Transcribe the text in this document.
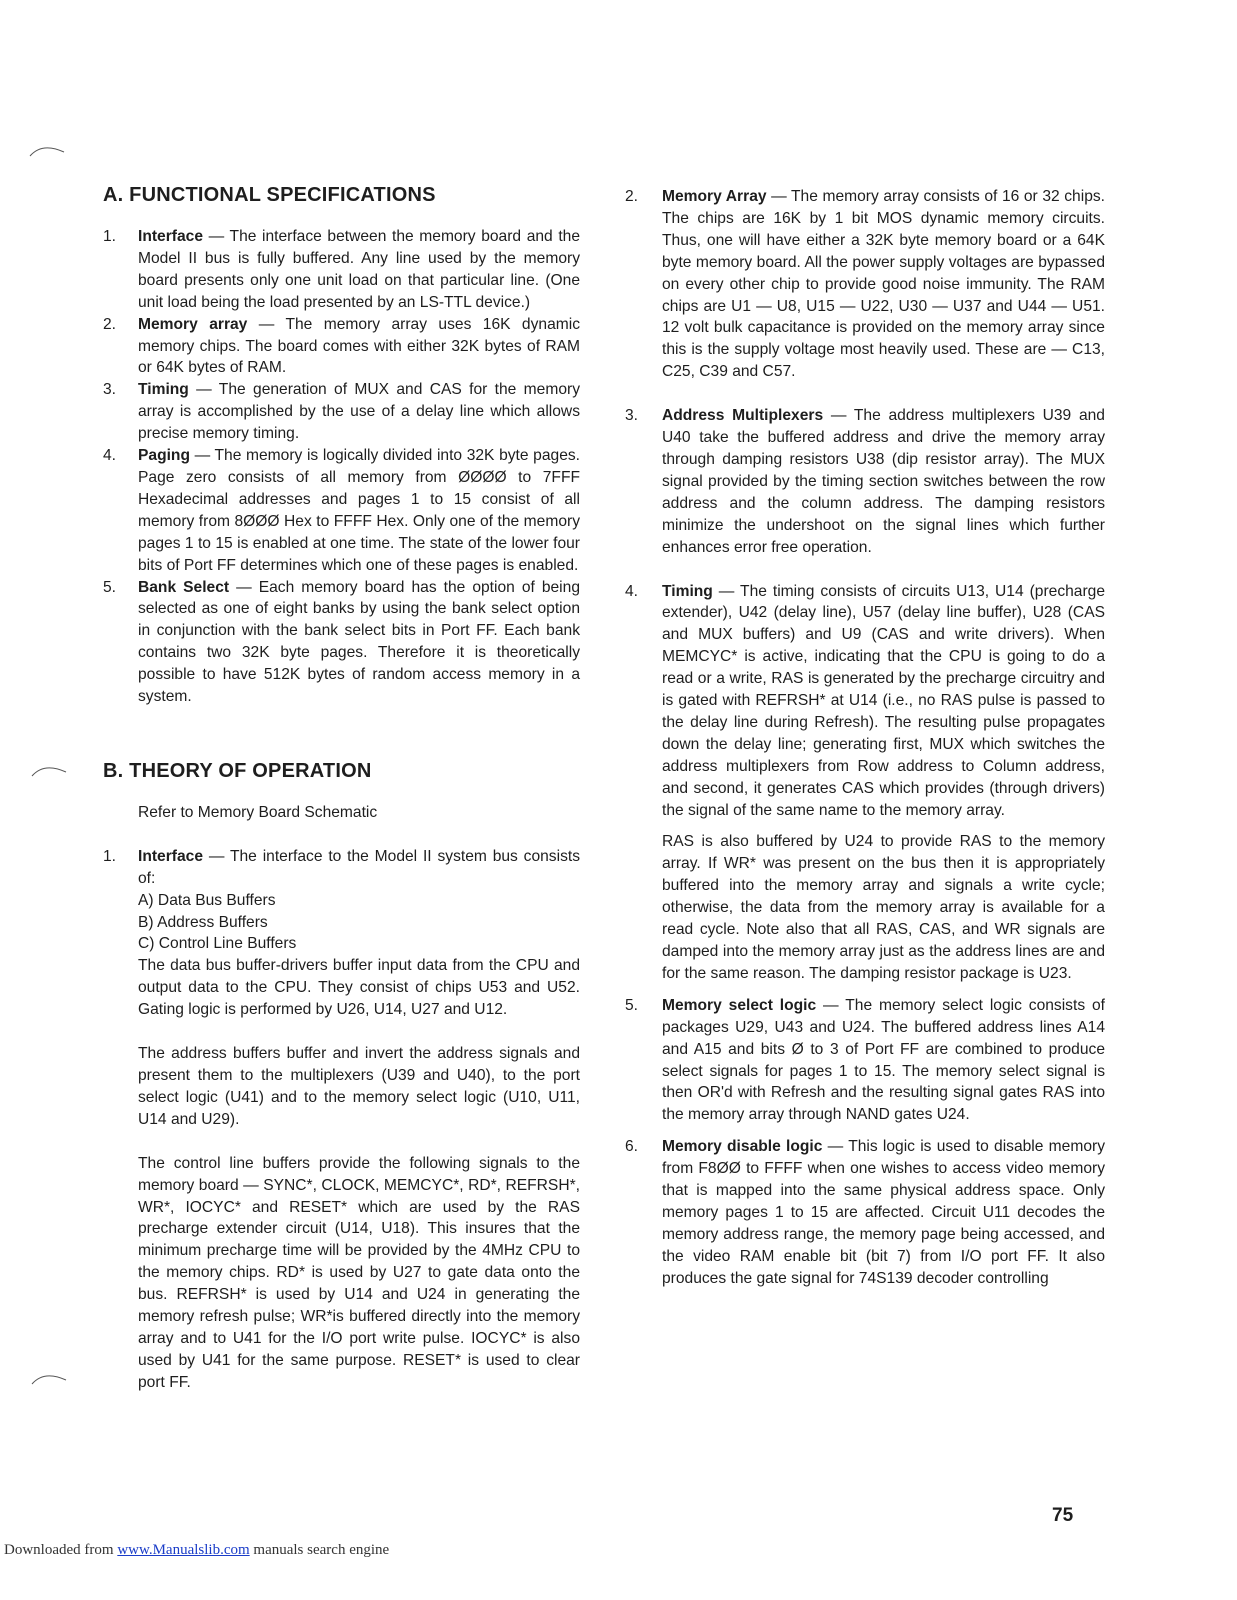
A. FUNCTIONAL SPECIFICATIONS

1. Interface — The interface between the memory board and the Model II bus is fully buffered. Any line used by the memory board presents only one unit load on that particular line. (One unit load being the load presented by an LS-TTL device.)

2. Memory array — The memory array uses 16K dynamic memory chips. The board comes with either 32K bytes of RAM or 64K bytes of RAM.

3. Timing — The generation of MUX and CAS for the memory array is accomplished by the use of a delay line which allows precise memory timing.

4. Paging — The memory is logically divided into 32K byte pages. Page zero consists of all memory from ØØØØ to 7FFF Hexadecimal addresses and pages 1 to 15 consist of all memory from 8ØØØ Hex to FFFF Hex. Only one of the memory pages 1 to 15 is enabled at one time. The state of the lower four bits of Port FF determines which one of these pages is enabled.

5. Bank Select — Each memory board has the option of being selected as one of eight banks by using the bank select option in conjunction with the bank select bits in Port FF. Each bank contains two 32K byte pages. Therefore it is theoretically possible to have 512K bytes of random access memory in a system.

B. THEORY OF OPERATION

Refer to Memory Board Schematic

1. Interface — The interface to the Model II system bus consists of:

A) Data Bus Buffers

B) Address Buffers

C) Control Line Buffers

The data bus buffer-drivers buffer input data from the CPU and output data to the CPU. They consist of chips U53 and U52. Gating logic is performed by U26, U14, U27 and U12.

The address buffers buffer and invert the address signals and present them to the multiplexers (U39 and U40), to the port select logic (U41) and to the memory select logic (U10, U11, U14 and U29).

The control line buffers provide the following signals to the memory board — SYNC*, CLOCK, MEMCYC*, RD*, REFRSH*, WR*, IOCYC* and RESET* which are used by the RAS precharge extender circuit (U14, U18). This insures that the minimum precharge time will be provided by the 4MHz CPU to the memory chips. RD* is used by U27 to gate data onto the bus. REFRSH* is used by U14 and U24 in generating the memory refresh pulse; WR*is buffered directly into the memory array and to U41 for the I/O port write pulse. IOCYC* is also used by U41 for the same purpose. RESET* is used to clear port FF.

2. Memory Array — The memory array consists of 16 or 32 chips. The chips are 16K by 1 bit MOS dynamic memory circuits. Thus, one will have either a 32K byte memory board or a 64K byte memory board. All the power supply voltages are bypassed on every other chip to provide good noise immunity. The RAM chips are U1 — U8, U15 — U22, U30 — U37 and U44 — U51. 12 volt bulk capacitance is provided on the memory array since this is the supply voltage most heavily used. These are — C13, C25, C39 and C57.

3. Address Multiplexers — The address multiplexers U39 and U40 take the buffered address and drive the memory array through damping resistors U38 (dip resistor array). The MUX signal provided by the timing section switches between the row address and the column address. The damping resistors minimize the undershoot on the signal lines which further enhances error free operation.

4. Timing — The timing consists of circuits U13, U14 (precharge extender), U42 (delay line), U57 (delay line buffer), U28 (CAS and MUX buffers) and U9 (CAS and write drivers). When MEMCYC* is active, indicating that the CPU is going to do a read or a write, RAS is generated by the precharge circuitry and is gated with REFRSH* at U14 (i.e., no RAS pulse is passed to the delay line during Refresh). The resulting pulse propagates down the delay line; generating first, MUX which switches the address multiplexers from Row address to Column address, and second, it generates CAS which provides (through drivers) the signal of the same name to the memory array.

RAS is also buffered by U24 to provide RAS to the memory array. If WR* was present on the bus then it is appropriately buffered into the memory array and signals a write cycle; otherwise, the data from the memory array is available for a read cycle. Note also that all RAS, CAS, and WR signals are damped into the memory array just as the address lines are and for the same reason. The damping resistor package is U23.

5. Memory select logic — The memory select logic consists of packages U29, U43 and U24. The buffered address lines A14 and A15 and bits Ø to 3 of Port FF are combined to produce select signals for pages 1 to 15. The memory select signal is then OR'd with Refresh and the resulting signal gates RAS into the memory array through NAND gates U24.

6. Memory disable logic — This logic is used to disable memory from F8ØØ to FFFF when one wishes to access video memory that is mapped into the same physical address space. Only memory pages 1 to 15 are affected. Circuit U11 decodes the memory address range, the memory page being accessed, and the video RAM enable bit (bit 7) from I/O port FF. It also produces the gate signal for 74S139 decoder controlling

75
Downloaded from www.Manualslib.com manuals search engine
